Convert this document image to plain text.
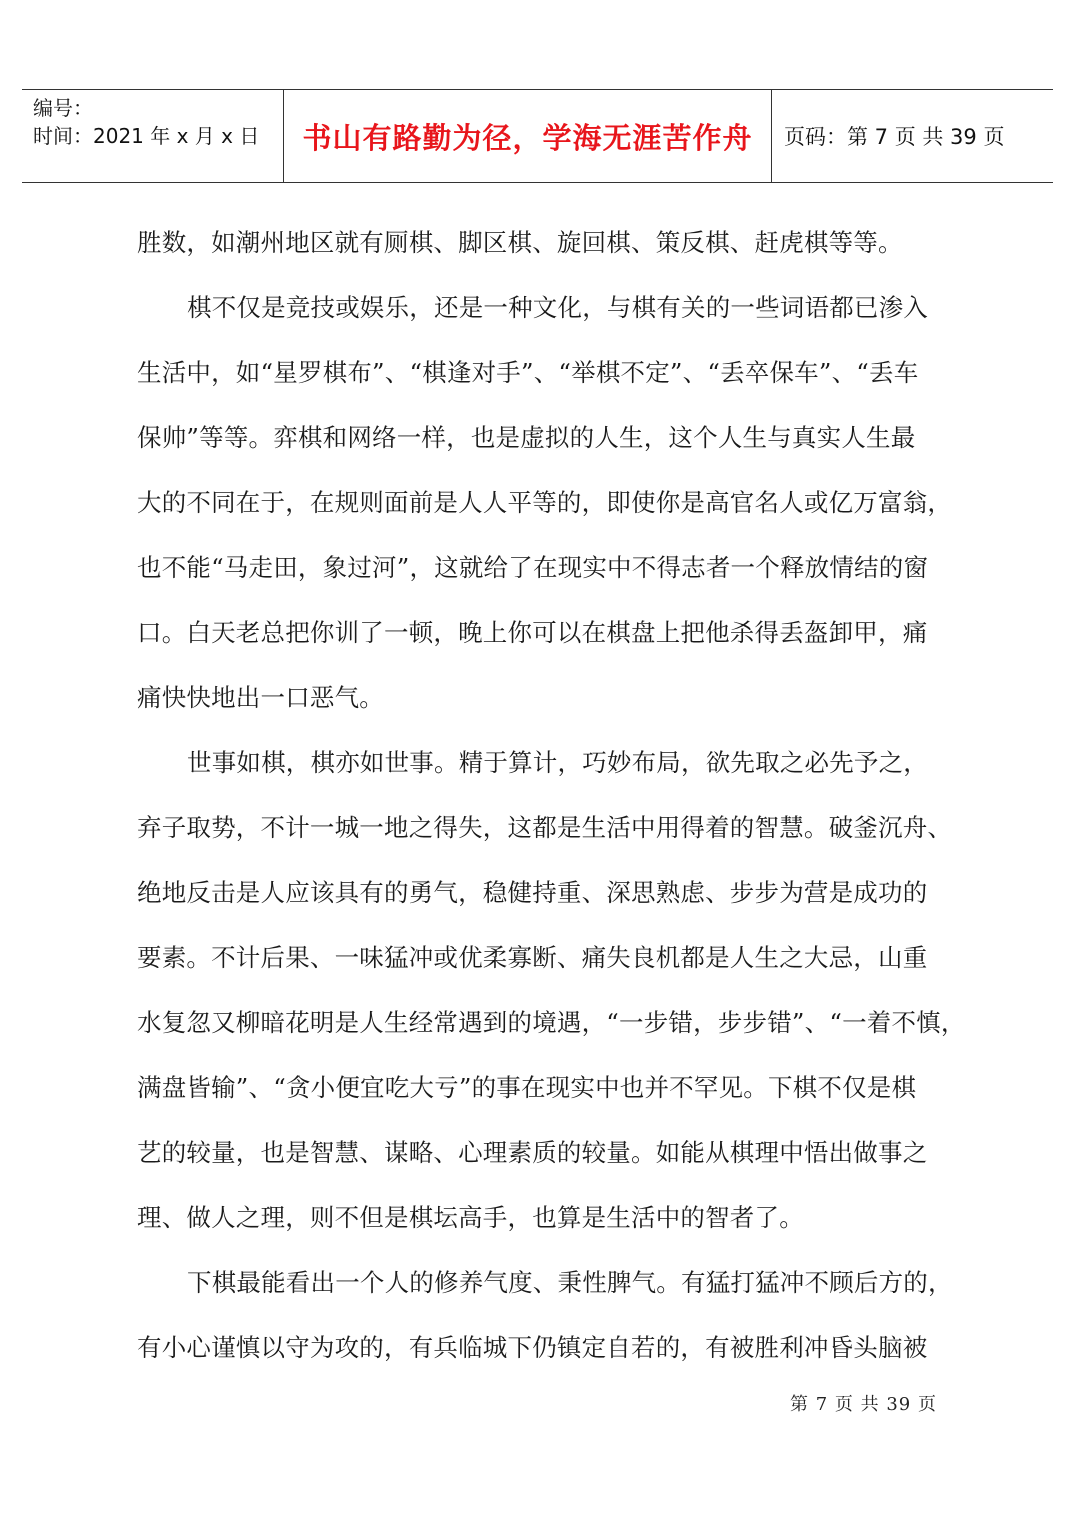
编号：
时间：2021 年 x 月 x 日	书山有路勤为径，学海无涯苦作舟	页码：第 7 页 共 39 页
胜数，如潮州地区就有厕棋、脚区棋、旋回棋、策反棋、赶虎棋等等。
棋不仅是竞技或娱乐，还是一种文化，与棋有关的一些词语都已渗入
生活中，如“星罗棋布”、“棋逢对手”、“举棋不定”、“丢卒保车”、“丢车
保帅”等等。弈棋和网络一样，也是虚拟的人生，这个人生与真实人生最
大的不同在于，在规则面前是人人平等的，即使你是高官名人或亿万富翁，
也不能“马走田，象过河”，这就给了在现实中不得志者一个释放情结的窗
口。白天老总把你训了一顿，晚上你可以在棋盘上把他杀得丢盔卸甲，痛
痛快快地出一口恶气。
世事如棋，棋亦如世事。精于算计，巧妙布局，欲先取之必先予之，
弃子取势，不计一城一地之得失，这都是生活中用得着的智慧。破釜沉舟、
绝地反击是人应该具有的勇气，稳健持重、深思熟虑、步步为营是成功的
要素。不计后果、一味猛冲或优柔寡断、痛失良机都是人生之大忌，山重
水复忽又柳暗花明是人生经常遇到的境遇，“一步错，步步错”、“一着不慎，
满盘皆输”、“贪小便宜吃大亏”的事在现实中也并不罕见。下棋不仅是棋
艺的较量，也是智慧、谋略、心理素质的较量。如能从棋理中悟出做事之
理、做人之理，则不但是棋坛高手，也算是生活中的智者了。
下棋最能看出一个人的修养气度、秉性脾气。有猛打猛冲不顾后方的，
有小心谨慎以守为攻的，有兵临城下仍镇定自若的，有被胜利冲昏头脑被
第 7 页 共 39 页
